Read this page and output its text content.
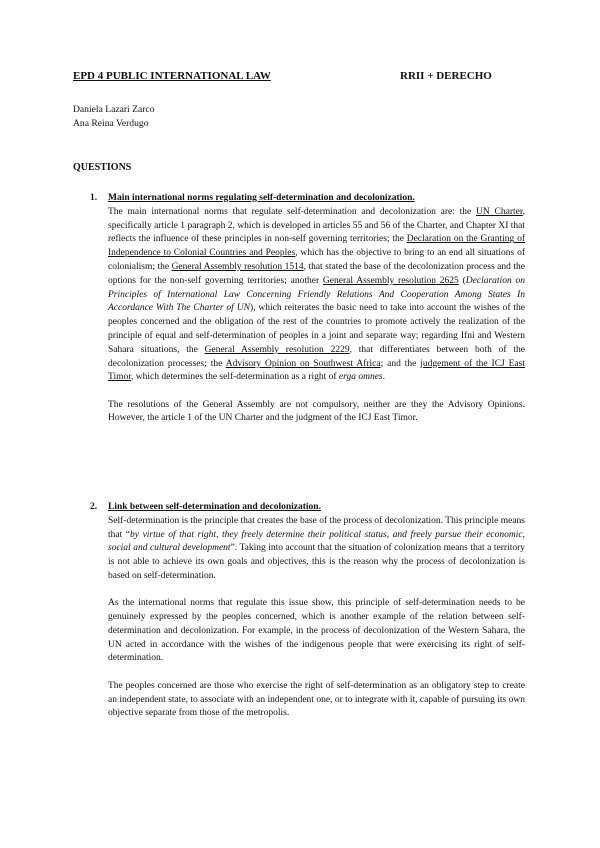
EPD 4 PUBLIC INTERNATIONAL LAW	RRII + DERECHO
Daniela Lazari Zarco
Ana Reina Verdugo
QUESTIONS
1. Main international norms regulating self-determination and decolonization.

The main international norms that regulate self-determination and decolonization are: the UN Charter, specifically article 1 paragraph 2, which is developed in articles 55 and 56 of the Charter, and Chapter XI that reflects the influence of these principles in non-self governing territories; the Declaration on the Granting of Independence to Colonial Countries and Peoples, which has the objective to bring to an end all situations of colonialism; the General Assembly resolution 1514, that stated the base of the decolonization process and the options for the non-self governing territories; another General Assembly resolution 2625 (Declaration on Principles of International Law Concerning Friendly Relations And Cooperation Among States In Accordance With The Charter of UN), which reiterates the basic need to take into account the wishes of the peoples concerned and the obligation of the rest of the countries to promote actively the realization of the principle of equal and self-determination of peoples in a joint and separate way; regarding Ifni and Western Sahara situations, the General Assembly resolution 2229, that differentiates between both of the decolonization processes; the Advisory Opinion on Southwest Africa; and the judgement of the ICJ East Timor, which determines the self-determination as a right of erga omnes.

The resolutions of the General Assembly are not compulsory, neither are they the Advisory Opinions. However, the article 1 of the UN Charter and the judgment of the ICJ East Timor.

2. Link between self-determination and decolonization.

Self-determination is the principle that creates the base of the process of decolonization. This principle means that “by virtue of that right, they freely determine their political status, and freely pursue their economic, social and cultural development”. Taking into account that the situation of colonization means that a territory is not able to achieve its own goals and objectives, this is the reason why the process of decolonization is based on self-determination.

As the international norms that regulate this issue show, this principle of self-determination needs to be genuinely expressed by the peoples concerned, which is another example of the relation between self-determination and decolonization. For example, in the process of decolonization of the Western Sahara, the UN acted in accordance with the wishes of the indigenous people that were exercising its right of self-determination.

The peoples concerned are those who exercise the right of self-determination as an obligatory step to create an independent state, to associate with an independent one, or to integrate with it, capable of pursuing its own objective separate from those of the metropolis.
